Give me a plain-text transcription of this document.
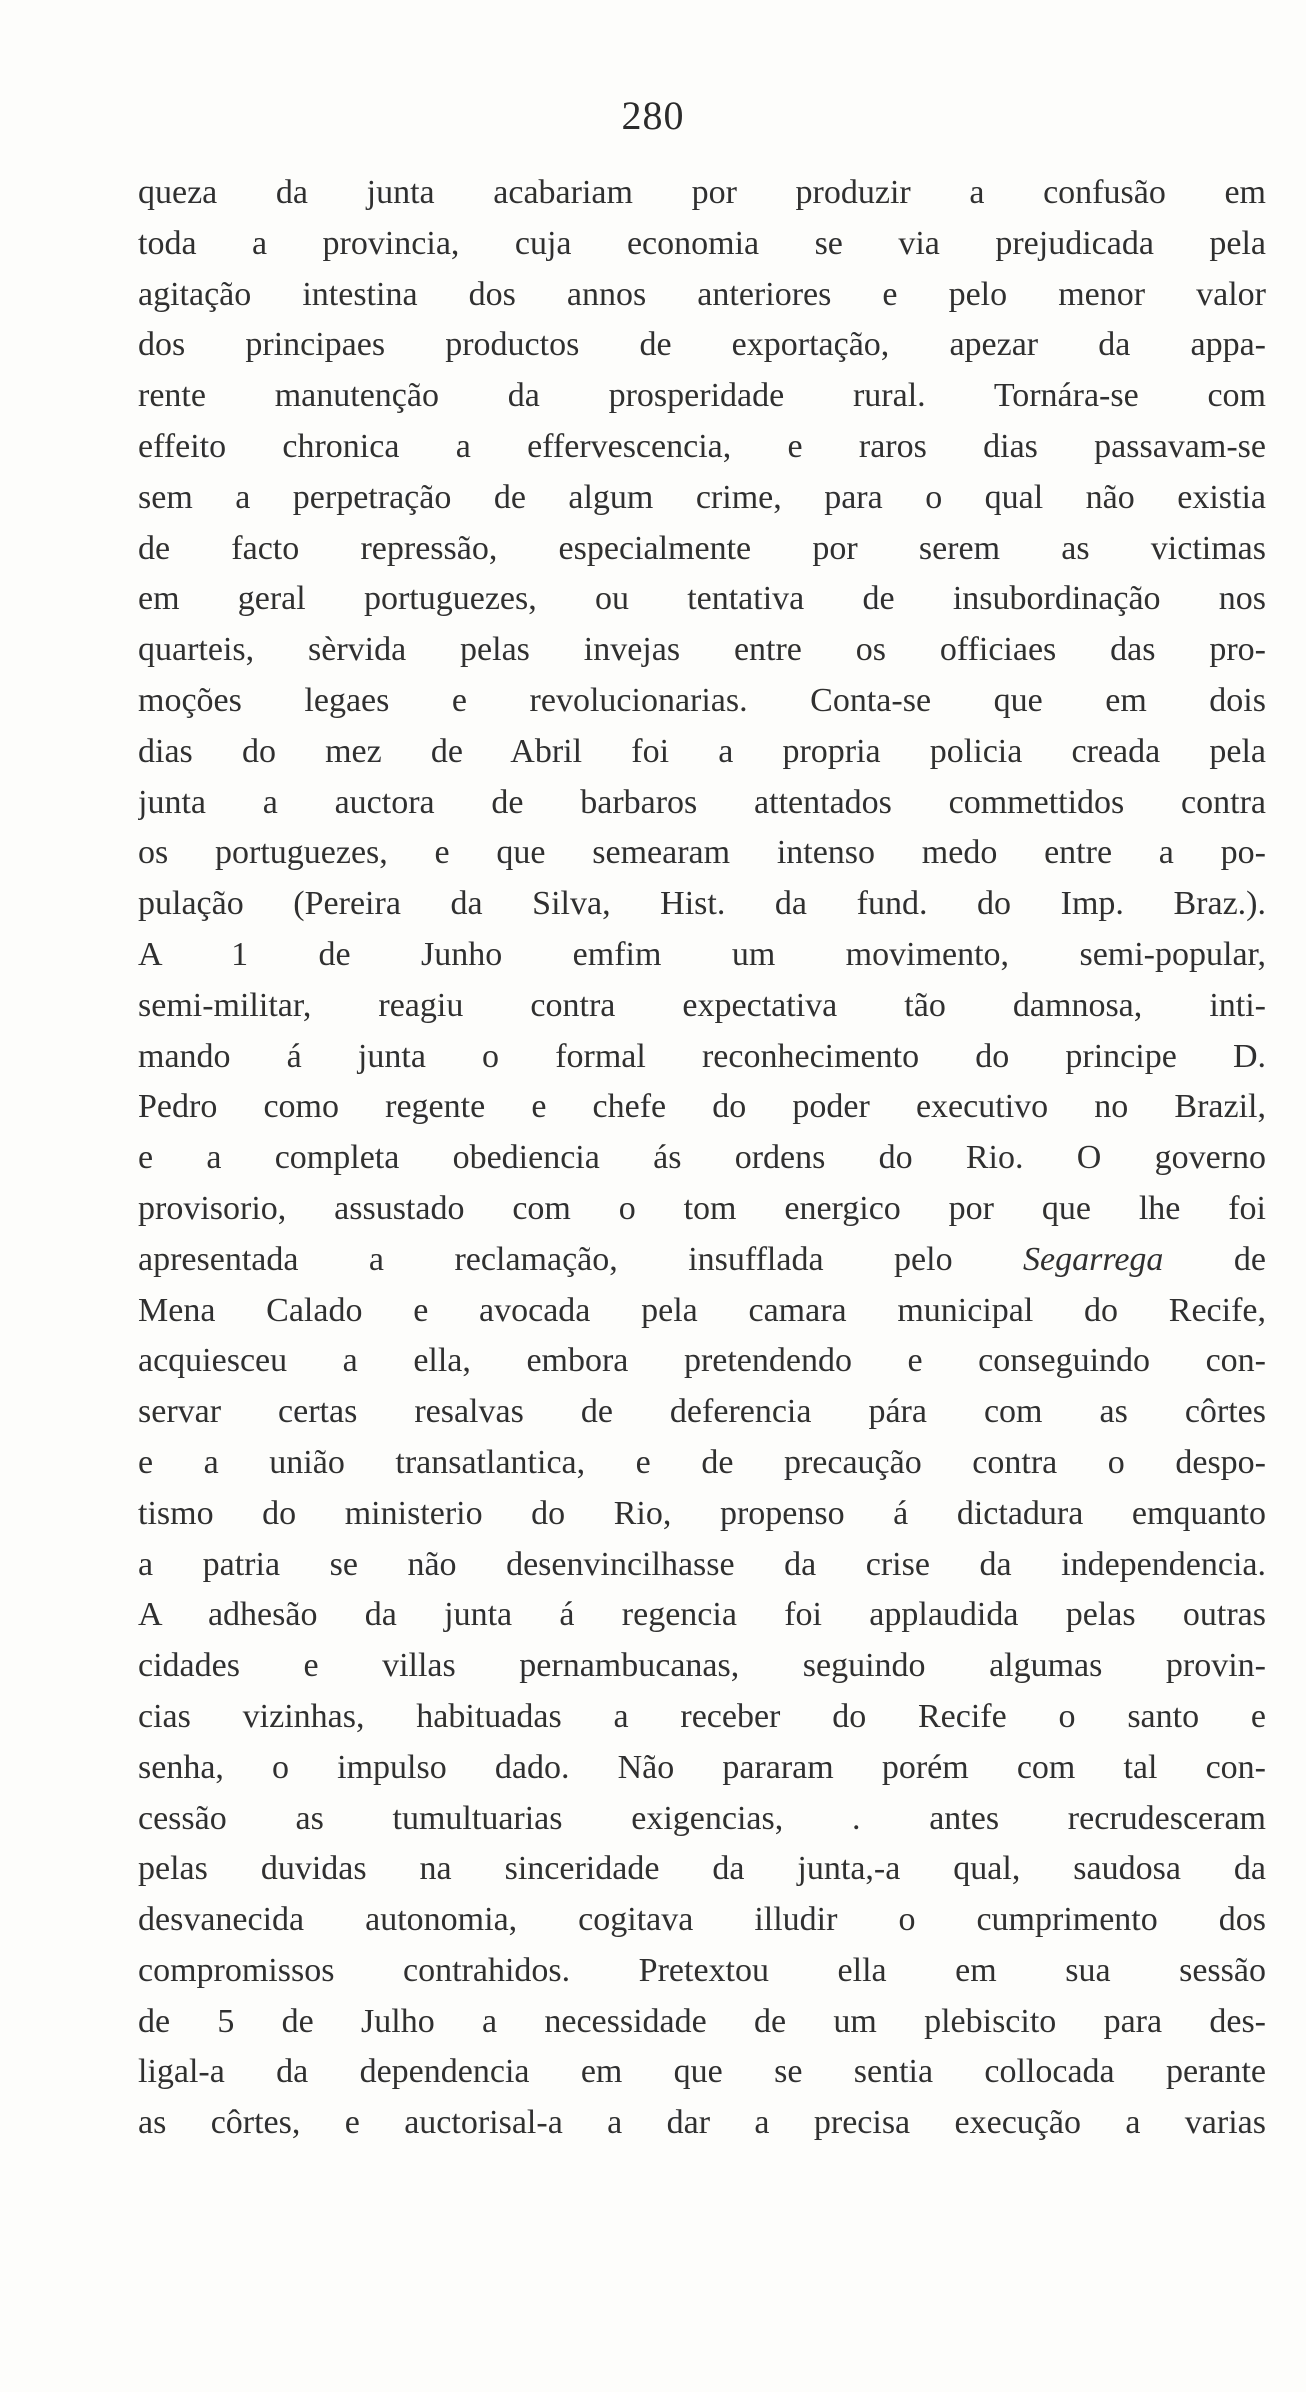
280
queza da junta acabariam por produzir a confusão em
toda a provincia, cuja economia se via prejudicada pela
agitação intestina dos annos anteriores e pelo menor valor
dos principaes productos de exportação, apezar da appa-
rente manutenção da prosperidade rural. Tornára-se com
effeito chronica a effervescencia, e raros dias passavam-se
sem a perpetração de algum crime, para o qual não existia
de facto repressão, especialmente por serem as victimas
em geral portuguezes, ou tentativa de insubordinação nos
quarteis, sèrvida pelas invejas entre os officiaes das pro-
moções legaes e revolucionarias. Conta-se que em dois
dias do mez de Abril foi a propria policia creada pela
junta a auctora de barbaros attentados commettidos contra
os portuguezes, e que semearam intenso medo entre a po-
pulação (Pereira da Silva, Hist. da fund. do Imp. Braz.).
A 1 de Junho emfim um movimento, semi-popular,
semi-militar, reagiu contra expectativa tão damnosa, inti-
mando á junta o formal reconhecimento do principe D.
Pedro como regente e chefe do poder executivo no Brazil,
e a completa obediencia ás ordens do Rio. O governo
provisorio, assustado com o tom energico por que lhe foi
apresentada a reclamação, insufflada pelo Segarrega de
Mena Calado e avocada pela camara municipal do Recife,
acquiesceu a ella, embora pretendendo e conseguindo con-
servar certas resalvas de deferencia pára com as côrtes
e a união transatlantica, e de precaução contra o despo-
tismo do ministerio do Rio, propenso á dictadura emquanto
a patria se não desenvincilhasse da crise da independencia.
A adhesão da junta á regencia foi applaudida pelas outras
cidades e villas pernambucanas, seguindo algumas provin-
cias vizinhas, habituadas a receber do Recife o santo e
senha, o impulso dado. Não pararam porém com tal con-
cessão as tumultuarias exigencias, . antes recrudesceram
pelas duvidas na sinceridade da junta,-a qual, saudosa da
desvanecida autonomia, cogitava illudir o cumprimento dos
compromissos contrahidos. Pretextou ella em sua sessão
de 5 de Julho a necessidade de um plebiscito para des-
ligal-a da dependencia em que se sentia collocada perante
as côrtes, e auctorisal-a a dar a precisa execução a varias
